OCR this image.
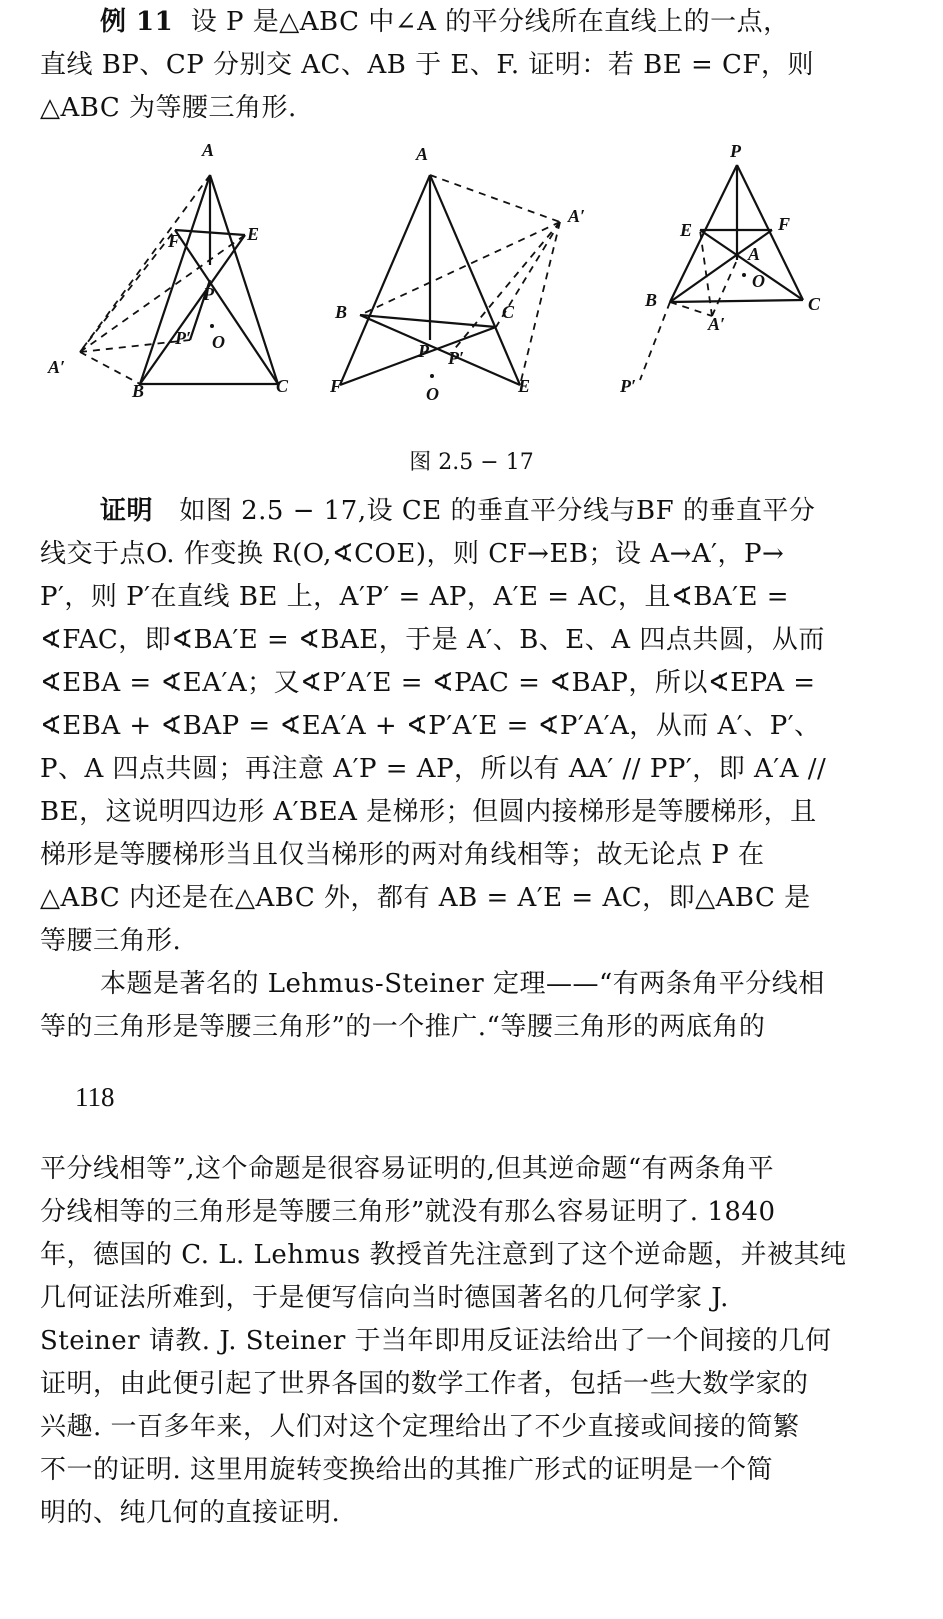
例 11 设 P 是△ABC 中∠A 的平分线所在直线上的一点，
直线 BP、CP 分别交 AC、AB 于 E、F. 证明：若 BE = CF，则
△ABC 为等腰三角形.
A
F	E
P
P′ O
A′
B	C
A
A′
B	C
P P′
F	O	E
P
E	F
A
B
O
C
A′
P′
图 2.5 − 17
证明 如图 2.5 − 17,设 CE 的垂直平分线与BF 的垂直平分
线交于点O. 作变换 R(O,∢COE)，则 CF→EB；设 A→A′，P→
P′，则 P′在直线 BE 上，A′P′ = AP，A′E = AC，且∢BA′E =
∢FAC，即∢BA′E = ∢BAE，于是 A′、B、E、A 四点共圆，从而
∢EBA = ∢EA′A；又∢P′A′E = ∢PAC = ∢BAP，所以∢EPA =
∢EBA + ∢BAP = ∢EA′A + ∢P′A′E = ∢P′A′A，从而 A′、P′、
P、A 四点共圆；再注意 A′P = AP，所以有 AA′ // PP′，即 A′A //
BE，这说明四边形 A′BEA 是梯形；但圆内接梯形是等腰梯形，且
梯形是等腰梯形当且仅当梯形的两对角线相等；故无论点 P 在
△ABC 内还是在△ABC 外，都有 AB = A′E = AC，即△ABC 是
等腰三角形.
本题是著名的 Lehmus-Steiner 定理——“有两条角平分线相
等的三角形是等腰三角形”的一个推广.“等腰三角形的两底角的
118
平分线相等”,这个命题是很容易证明的,但其逆命题“有两条角平
分线相等的三角形是等腰三角形”就没有那么容易证明了. 1840
年，德国的 C. L. Lehmus 教授首先注意到了这个逆命题，并被其纯
几何证法所难到，于是便写信向当时德国著名的几何学家 J.
Steiner 请教. J. Steiner 于当年即用反证法给出了一个间接的几何
证明，由此便引起了世界各国的数学工作者，包括一些大数学家的
兴趣. 一百多年来，人们对这个定理给出了不少直接或间接的简繁
不一的证明. 这里用旋转变换给出的其推广形式的证明是一个简
明的、纯几何的直接证明.
